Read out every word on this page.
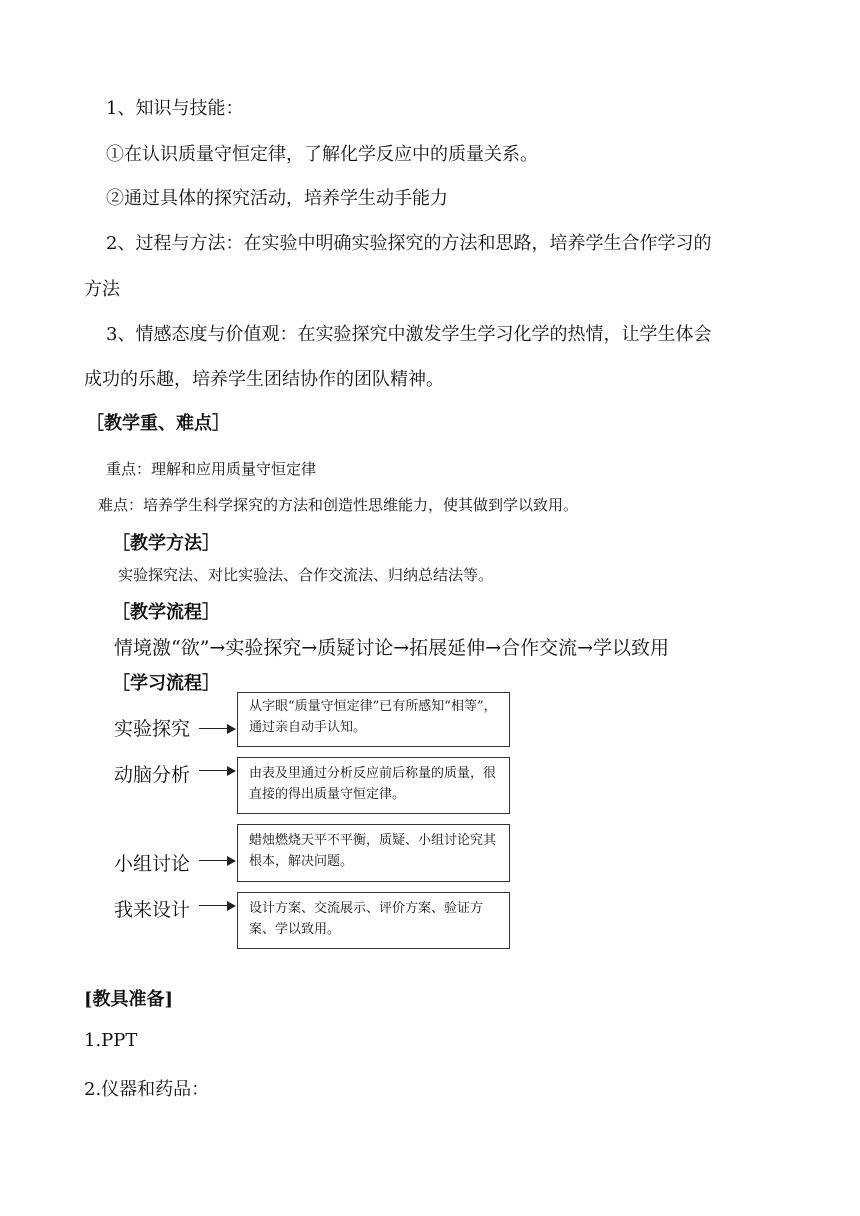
1、知识与技能：
①在认识质量守恒定律，了解化学反应中的质量关系。
②通过具体的探究活动，培养学生动手能力
2、过程与方法：在实验中明确实验探究的方法和思路，培养学生合作学习的
方法
3、情感态度与价值观：在实验探究中激发学生学习化学的热情，让学生体会
成功的乐趣，培养学生团结协作的团队精神。
［教学重、难点］
重点：理解和应用质量守恒定律
难点：培养学生科学探究的方法和创造性思维能力，使其做到学以致用。
［教学方法］
实验探究法、对比实验法、合作交流法、归纳总结法等。
［教学流程］
情境激“欲”→实验探究→质疑讨论→拓展延伸→合作交流→学以致用
［学习流程］
实验探究
从字眼“质量守恒定律”已有所感知“相等”，通过亲自动手认知。
动脑分析	由表及里通过分析反应前后称量的质量，很直接的得出质量守恒定律。
小组讨论
蜡烛燃烧天平不平衡，质疑、小组讨论究其根本，解决问题。
我来设计	设计方案、交流展示、评价方案、验证方案、学以致用。
[教具准备]
1.PPT
2.仪器和药品：
